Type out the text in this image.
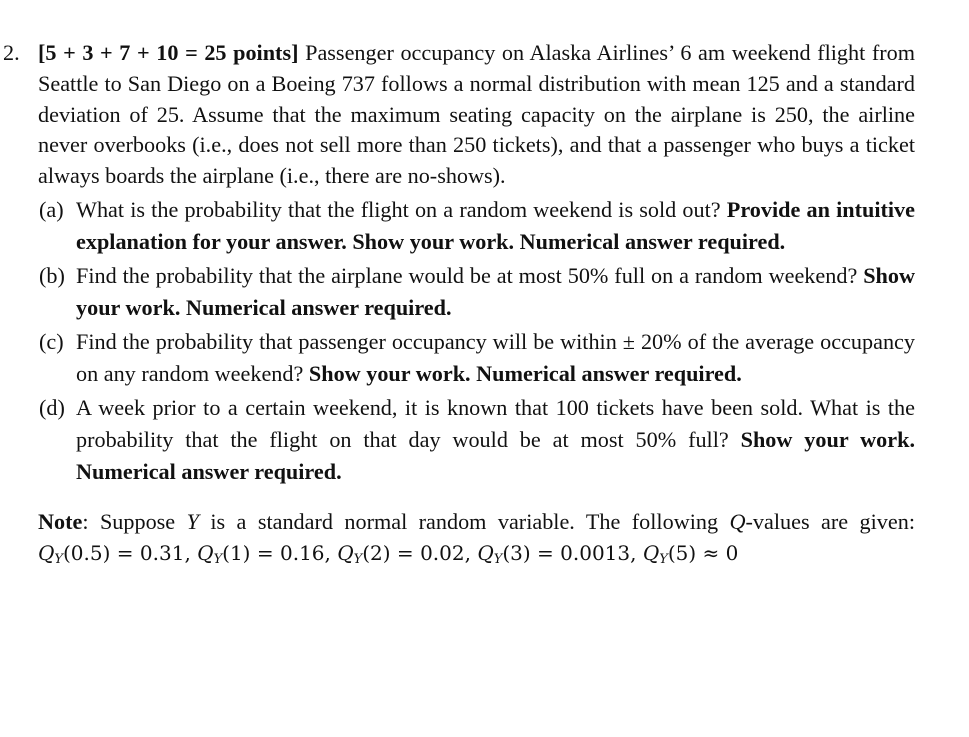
2. [5 + 3 + 7 + 10 = 25 points] Passenger occupancy on Alaska Airlines’ 6 am weekend flight from Seattle to San Diego on a Boeing 737 follows a normal distribution with mean 125 and a standard deviation of 25. Assume that the maximum seating capacity on the airplane is 250, the airline never overbooks (i.e., does not sell more than 250 tickets), and that a passenger who buys a ticket always boards the airplane (i.e., there are no-shows).
(a) What is the probability that the flight on a random weekend is sold out? Provide an intuitive explanation for your answer. Show your work. Numerical answer required.
(b) Find the probability that the airplane would be at most 50% full on a random weekend? Show your work. Numerical answer required.
(c) Find the probability that passenger occupancy will be within ± 20% of the average occupancy on any random weekend? Show your work. Numerical answer required.
(d) A week prior to a certain weekend, it is known that 100 tickets have been sold. What is the probability that the flight on that day would be at most 50% full? Show your work. Numerical answer required.
Note: Suppose Y is a standard normal random variable. The following Q-values are given: $Q_Y(0.5) = 0.31$, $Q_Y(1) = 0.16$, $Q_Y(2) = 0.02$, $Q_Y(3) = 0.0013$, $Q_Y(5) \approx 0$
